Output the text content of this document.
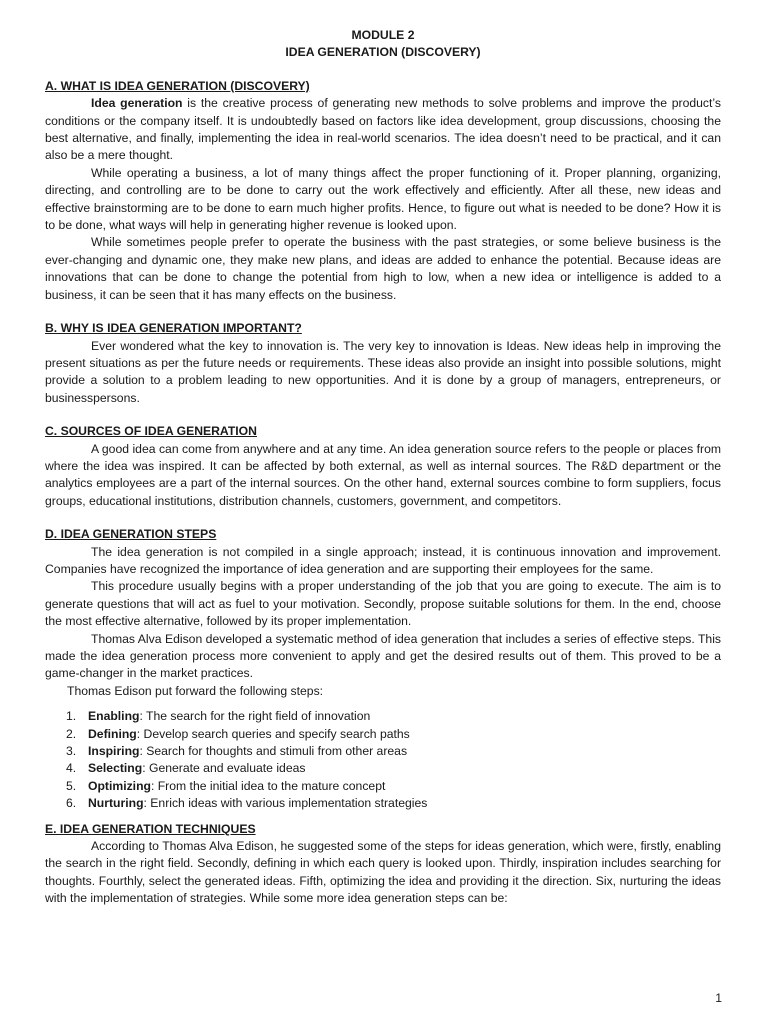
MODULE 2

IDEA GENERATION (DISCOVERY)

A. WHAT IS IDEA GENERATION (DISCOVERY)

Idea generation is the creative process of generating new methods to solve problems and improve the product’s conditions or the company itself. It is undoubtedly based on factors like idea development, group discussions, choosing the best alternative, and finally, implementing the idea in real-world scenarios. The idea doesn’t need to be practical, and it can also be a mere thought.

While operating a business, a lot of many things affect the proper functioning of it. Proper planning, organizing, directing, and controlling are to be done to carry out the work effectively and efficiently. After all these, new ideas and effective brainstorming are to be done to earn much higher profits. Hence, to figure out what is needed to be done? How it is to be done, what ways will help in generating higher revenue is looked upon.

While sometimes people prefer to operate the business with the past strategies, or some believe business is the ever-changing and dynamic one, they make new plans, and ideas are added to enhance the potential. Because ideas are innovations that can be done to change the potential from high to low, when a new idea or intelligence is added to a business, it can be seen that it has many effects on the business.

B. WHY IS IDEA GENERATION IMPORTANT?

Ever wondered what the key to innovation is. The very key to innovation is Ideas. New ideas help in improving the present situations as per the future needs or requirements. These ideas also provide an insight into possible solutions, might provide a solution to a problem leading to new opportunities. And it is done by a group of managers, entrepreneurs, or businesspersons.

C. SOURCES OF IDEA GENERATION

A good idea can come from anywhere and at any time. An idea generation source refers to the people or places from where the idea was inspired. It can be affected by both external, as well as internal sources. The R&D department or the analytics employees are a part of the internal sources. On the other hand, external sources combine to form suppliers, focus groups, educational institutions, distribution channels, customers, government, and competitors.

D. IDEA GENERATION STEPS

The idea generation is not compiled in a single approach; instead, it is continuous innovation and improvement. Companies have recognized the importance of idea generation and are supporting their employees for the same.

This procedure usually begins with a proper understanding of the job that you are going to execute. The aim is to generate questions that will act as fuel to your motivation. Secondly, propose suitable solutions for them. In the end, choose the most effective alternative, followed by its proper implementation.

Thomas Alva Edison developed a systematic method of idea generation that includes a series of effective steps. This made the idea generation process more convenient to apply and get the desired results out of them. This proved to be a game-changer in the market practices.

Thomas Edison put forward the following steps:

1. Enabling: The search for the right field of innovation
2. Defining: Develop search queries and specify search paths
3. Inspiring: Search for thoughts and stimuli from other areas
4. Selecting: Generate and evaluate ideas
5. Optimizing: From the initial idea to the mature concept
6. Nurturing: Enrich ideas with various implementation strategies

E. IDEA GENERATION TECHNIQUES

According to Thomas Alva Edison, he suggested some of the steps for ideas generation, which were, firstly, enabling the search in the right field. Secondly, defining in which each query is looked upon. Thirdly, inspiration includes searching for thoughts. Fourthly, select the generated ideas. Fifth, optimizing the idea and providing it the direction. Six, nurturing the ideas with the implementation of strategies. While some more idea generation steps can be:

1
